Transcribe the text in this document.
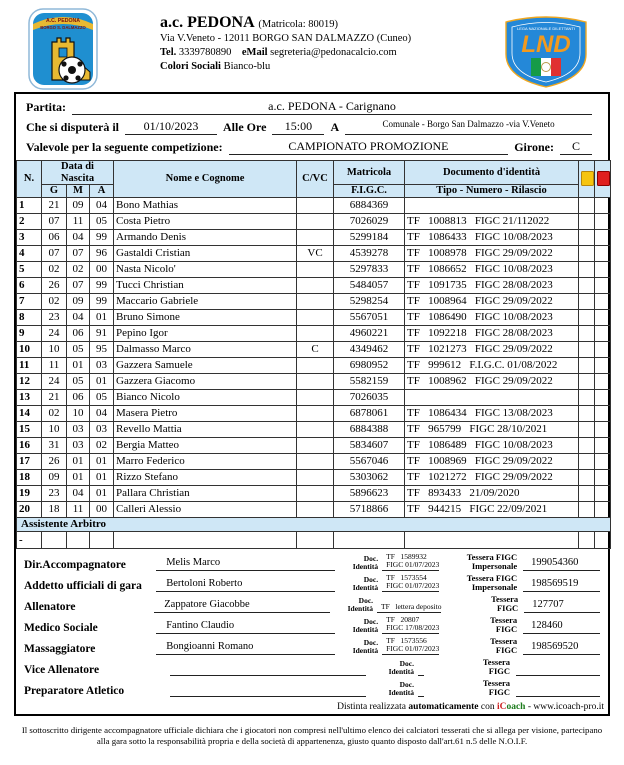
A.C. PEDONA
BORGO S. DALMAZZO	a.c. PEDONA (Matricola: 80019)
Via V.Veneto - 12011 BORGO SAN DALMAZZO (Cuneo)
Tel. 3339780890 eMail segreteria@pedonacalcio.com
Colori Sociali Bianco-blu
LEGA NAZIONALE DILETTANTI
LND
Partita:	a.c. PEDONA - Carignano
Che si disputerà il	01/10/2023	Alle Ore	15:00	A	Comunale - Borgo San Dalmazzo -via V.Veneto
Valevole per la seguente competizione:	CAMPIONATO PROMOZIONE	Girone:	C
N.	Data di Nascita			Nome e Cognome	C/VC	Matricola	Documento d'identità		
	G	M	A			F.I.G.C.	Tipo - Numero - Rilascio		
1	21	09	04	Bono Mathias		6884369			
2	07	11	05	Costa Pietro		7026029	TF   1008813   FIGC 21/112022		
3	06	04	99	Armando Denis		5299184	TF   1086433   FIGC 10/08/2023		
4	07	07	96	Gastaldi Cristian	VC	4539278	TF   1008978   FIGC 29/09/2022		
5	02	02	00	Nasta Nicolo'		5297833	TF   1086652   FIGC 10/08/2023		
6	26	07	99	Tucci Christian		5484057	TF   1091735   FIGC 28/08/2023		
7	02	09	99	Maccario Gabriele		5298254	TF   1008964   FIGC 29/09/2022		
8	23	04	01	Bruno Simone		5567051	TF   1086490   FIGC 10/08/2023		
9	24	06	91	Pepino Igor		4960221	TF   1092218   FIGC 28/08/2023		
10	10	05	95	Dalmasso Marco	C	4349462	TF   1021273   FIGC 29/09/2022		
11	11	01	03	Gazzera Samuele		6980952	TF   999612   F.I.G.C. 01/08/2022		
12	24	05	01	Gazzera Giacomo		5582159	TF   1008962   FIGC 29/09/2022		
13	21	06	05	Bianco Nicolo		7026035			
14	02	10	04	Masera Pietro		6878061	TF   1086434   FIGC 13/08/2023		
15	10	03	03	Revello Mattia		6884388	TF   965799   FIGC 28/10/2021		
16	31	03	02	Bergia Matteo		5834607	TF   1086489   FIGC 10/08/2023		
17	26	01	01	Marro Federico		5567046	TF   1008969   FIGC 29/09/2022		
18	09	01	01	Rizzo Stefano		5303062	TF   1021272   FIGC 29/09/2022		
19	23	04	01	Pallara Christian		5896623	TF   893433   21/09/2020		
20	18	11	00	Calleri Alessio		5718866	TF   944215   FIGC 22/09/2021		
Assistente Arbitro									
-									
Dir.Accompagnatore	Melis Marco	Doc.
Identità
TF   1589932
FIGC 01/07/2023
Tessera FIGC
Impersonale	199054360
Addetto ufficiali di gara	Bertoloni Roberto	Doc.
Identità
TF   1573554
FIGC 01/07/2023
Tessera FIGC
Impersonale	198569519
Allenatore	Zappatore Giacobbe	Doc.
Identità TF   lettera deposito
Tessera
FIGC	127707
Medico Sociale	Fantino Claudio	Doc.
Identità
TF   20807
FIGC 17/08/2023
Tessera
FIGC	128460
Massaggiatore	Bongioanni Romano	Doc.
Identità
TF   1573556
FIGC 01/07/2023
Tessera
FIGC	198569520
Vice Allenatore
Doc.
Identità
Tessera
FIGC
Preparatore Atletico
Doc.
Identità
Tessera
FIGC
Distinta realizzata automaticamente con iCoach - www.icoach-pro.it
Il sottoscritto dirigente accompagnatore ufficiale dichiara che i giocatori non compresi nell'ultimo elenco dei calciatori tesserati che si allega per visione, partecipano alla gara sotto la responsabilità propria e della società di appartenenza, giusto quanto disposto dall'art.61 n.5 delle N.O.I.F.
